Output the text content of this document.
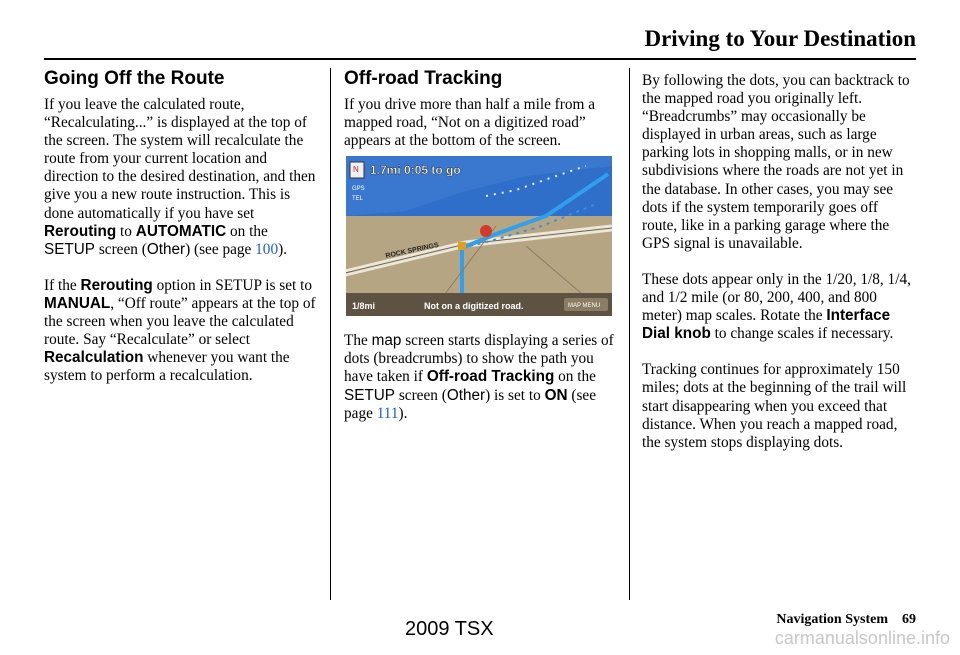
Driving to Your Destination
Going Off the Route

If you leave the calculated route, “Recalculating...” is displayed at the top of the screen. The system will recalculate the route from your current location and direction to the desired destination, and then give you a new route instruction. This is done automatically if you have set Rerouting to AUTOMATIC on the SETUP screen (Other) (see page 100).

If the Rerouting option in SETUP is set to MANUAL, “Off route” appears at the top of the screen when you leave the calculated route. Say “Recalculate” or select Recalculation whenever you want the system to perform a recalculation.

Off-road Tracking

If you drive more than half a mile from a mapped road, “Not on a digitized road” appears at the bottom of the screen.

ROCK SPRINGS
N 1.7mi 0:05 to go
GPS
TEL
1/8mi	Not on a digitized road.	MAP MENU

The map screen starts displaying a series of dots (breadcrumbs) to show the path you have taken if Off-road Tracking on the SETUP screen (Other) is set to ON (see page 111).

By following the dots, you can backtrack to the mapped road you originally left. “Breadcrumbs” may occasionally be displayed in urban areas, such as large parking lots in shopping malls, or in new subdivisions where the roads are not yet in the database. In other cases, you may see dots if the system temporarily goes off route, like in a parking garage where the GPS signal is unavailable.

These dots appear only in the 1/20, 1/8, 1/4, and 1/2 mile (or 80, 200, 400, and 800 meter) map scales. Rotate the Interface Dial knob to change scales if necessary.

Tracking continues for approximately 150 miles; dots at the beginning of the trail will start disappearing when you exceed that distance. When you reach a mapped road, the system stops displaying dots.

Navigation System 69
2009 TSX	carmanualsonline.info
